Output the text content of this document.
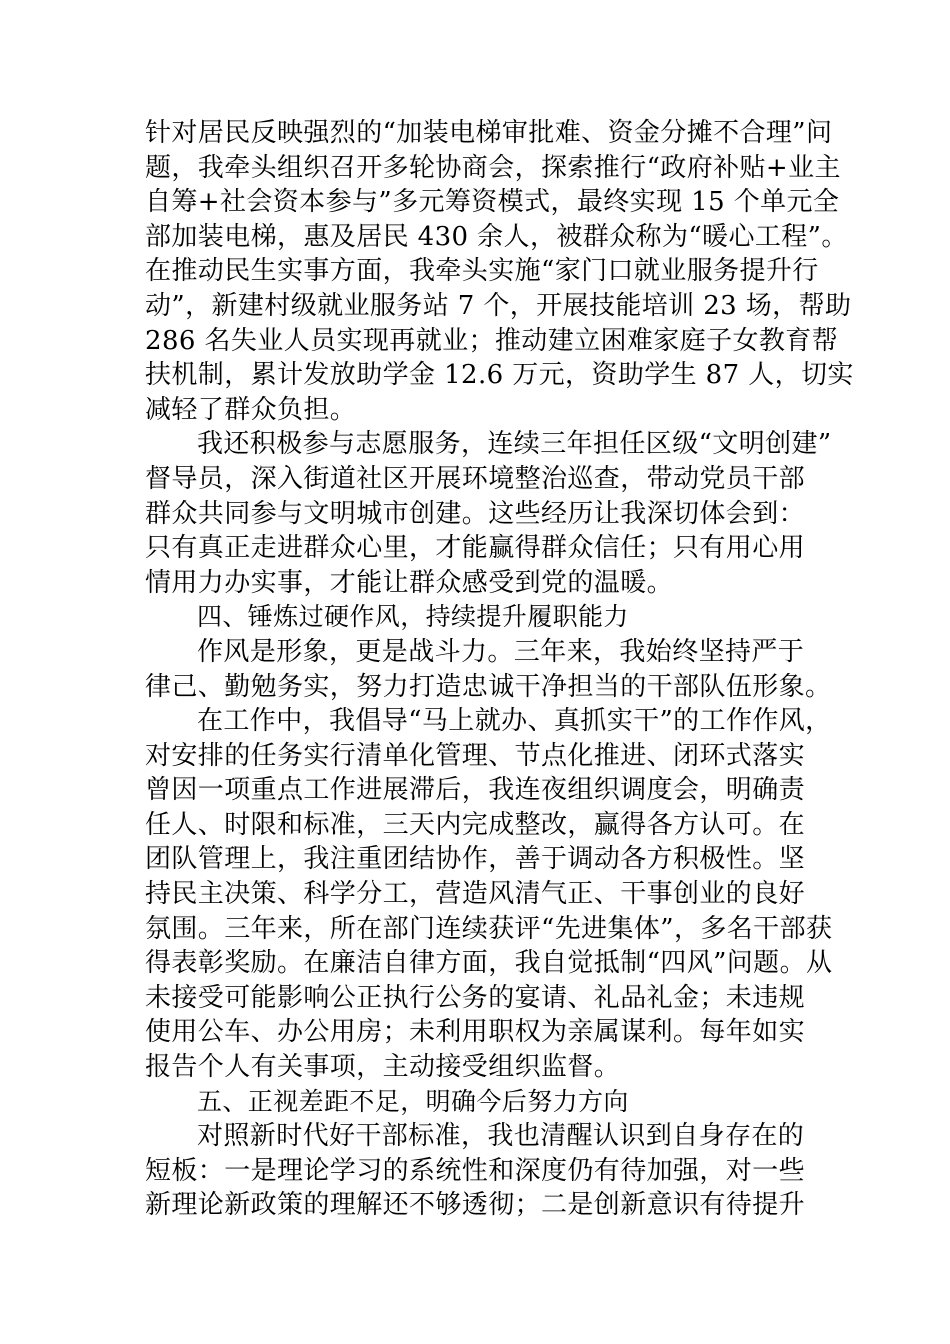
针对居民反映强烈的“加装电梯审批难、资金分摊不合理”问
题，我牵头组织召开多轮协商会，探索推行“政府补贴+业主
自筹+社会资本参与”多元筹资模式，最终实现 15 个单元全
部加装电梯，惠及居民 430 余人，被群众称为“暖心工程”。
在推动民生实事方面，我牵头实施“家门口就业服务提升行
动”，新建村级就业服务站 7 个，开展技能培训 23 场，帮助
286 名失业人员实现再就业；推动建立困难家庭子女教育帮
扶机制，累计发放助学金 12.6 万元，资助学生 87 人，切实
减轻了群众负担。
我还积极参与志愿服务，连续三年担任区级“文明创建”
督导员，深入街道社区开展环境整治巡查，带动党员干部
群众共同参与文明城市创建。这些经历让我深切体会到：
只有真正走进群众心里，才能赢得群众信任；只有用心用
情用力办实事，才能让群众感受到党的温暖。
四、锤炼过硬作风，持续提升履职能力
作风是形象，更是战斗力。三年来，我始终坚持严于
律己、勤勉务实，努力打造忠诚干净担当的干部队伍形象。
在工作中，我倡导“马上就办、真抓实干”的工作作风，
对安排的任务实行清单化管理、节点化推进、闭环式落实
曾因一项重点工作进展滞后，我连夜组织调度会，明确责
任人、时限和标准，三天内完成整改，赢得各方认可。在
团队管理上，我注重团结协作，善于调动各方积极性。坚
持民主决策、科学分工，营造风清气正、干事创业的良好
氛围。三年来，所在部门连续获评“先进集体”，多名干部获
得表彰奖励。在廉洁自律方面，我自觉抵制“四风”问题。从
未接受可能影响公正执行公务的宴请、礼品礼金；未违规
使用公车、办公用房；未利用职权为亲属谋利。每年如实
报告个人有关事项，主动接受组织监督。
五、正视差距不足，明确今后努力方向
对照新时代好干部标准，我也清醒认识到自身存在的
短板：一是理论学习的系统性和深度仍有待加强，对一些
新理论新政策的理解还不够透彻；二是创新意识有待提升
